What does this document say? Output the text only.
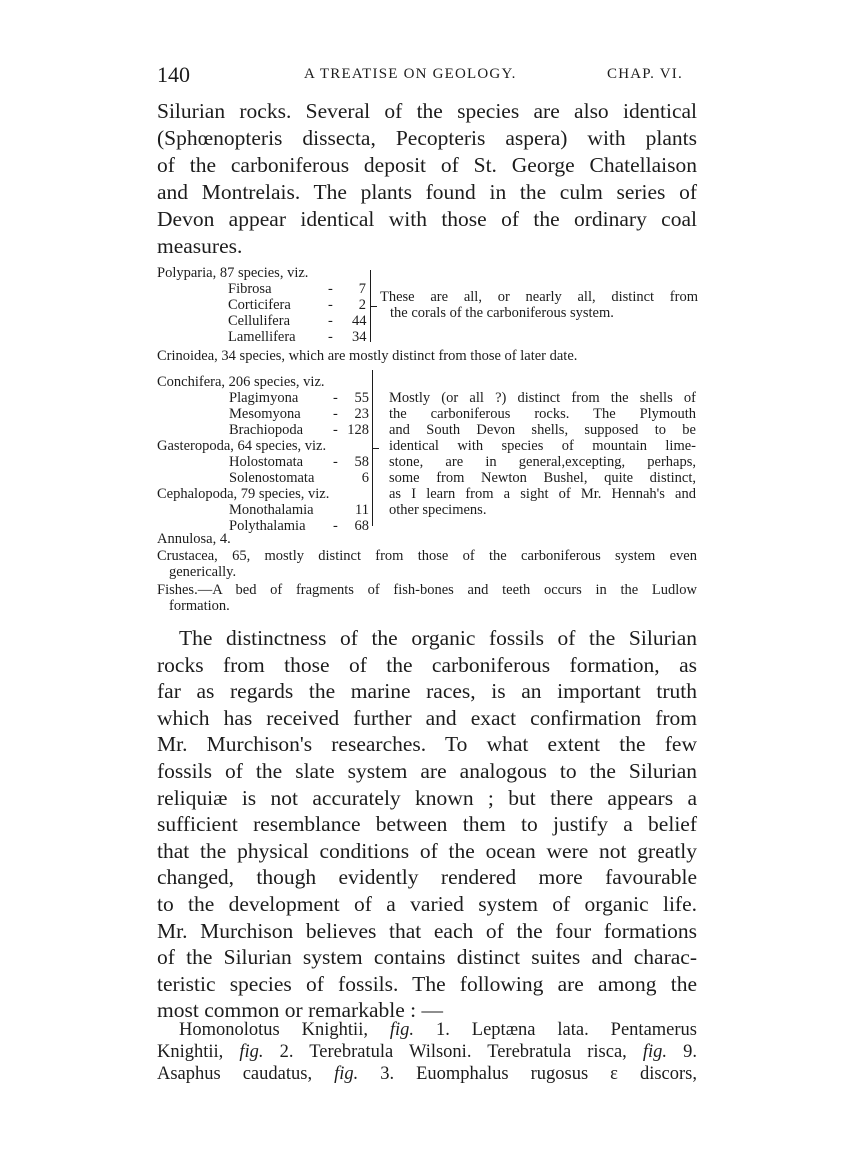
140	A TREATISE ON GEOLOGY.	CHAP. VI.
Silurian rocks. Several of the species are also identical
(Sphœnopteris dissecta, Pecopteris aspera) with plants
of the carboniferous deposit of St. George Chatellaison
and Montrelais. The plants found in the culm series of
Devon appear identical with those of the ordinary coal
measures.
Polyparia, 87 species, viz.
Fibrosa	-	7
Corticifera	-	2
Cellulifera	-	44
Lamellifera	-	34
These are all, or nearly all, distinct from
the corals of the carboniferous system.
Crinoidea, 34 species, which are mostly distinct from those of later date.
Conchifera, 206 species, viz.
Plagimyona	-	55
Mesomyona	-	23
Brachiopoda	- 128
Gasteropoda, 64 species, viz.
Holostomata	-	58
Solenostomata	6
Cephalopoda, 79 species, viz.
Monothalamia	11
Polythalamia	-	68
Mostly (or all ?) distinct from the shells of
the carboniferous rocks. The Plymouth
and South Devon shells, supposed to be
identical with species of mountain lime-
stone, are in general,excepting, perhaps,
some from Newton Bushel, quite distinct,
as I learn from a sight of Mr. Hennah's and
other specimens.
Annulosa, 4.
Crustacea, 65, mostly distinct from those of the carboniferous system even
generically.
Fishes.—A bed of fragments of fish-bones and teeth occurs in the Ludlow
formation.
The distinctness of the organic fossils of the Silurian
rocks from those of the carboniferous formation, as
far as regards the marine races, is an important truth
which has received further and exact confirmation from
Mr. Murchison's researches. To what extent the few
fossils of the slate system are analogous to the Silurian
reliquiæ is not accurately known ; but there appears a
sufficient resemblance between them to justify a belief
that the physical conditions of the ocean were not greatly
changed, though evidently rendered more favourable
to the development of a varied system of organic life.
Mr. Murchison believes that each of the four formations
of the Silurian system contains distinct suites and charac-
teristic species of fossils. The following are among the
most common or remarkable : —
Homonolotus Knightii, fig. 1. Leptæna lata. Pentamerus
Knightii, fig. 2. Terebratula Wilsoni. Terebratula risca, fig. 9.
Asaphus caudatus, fig. 3. Euomphalus rugosus ε discors,
